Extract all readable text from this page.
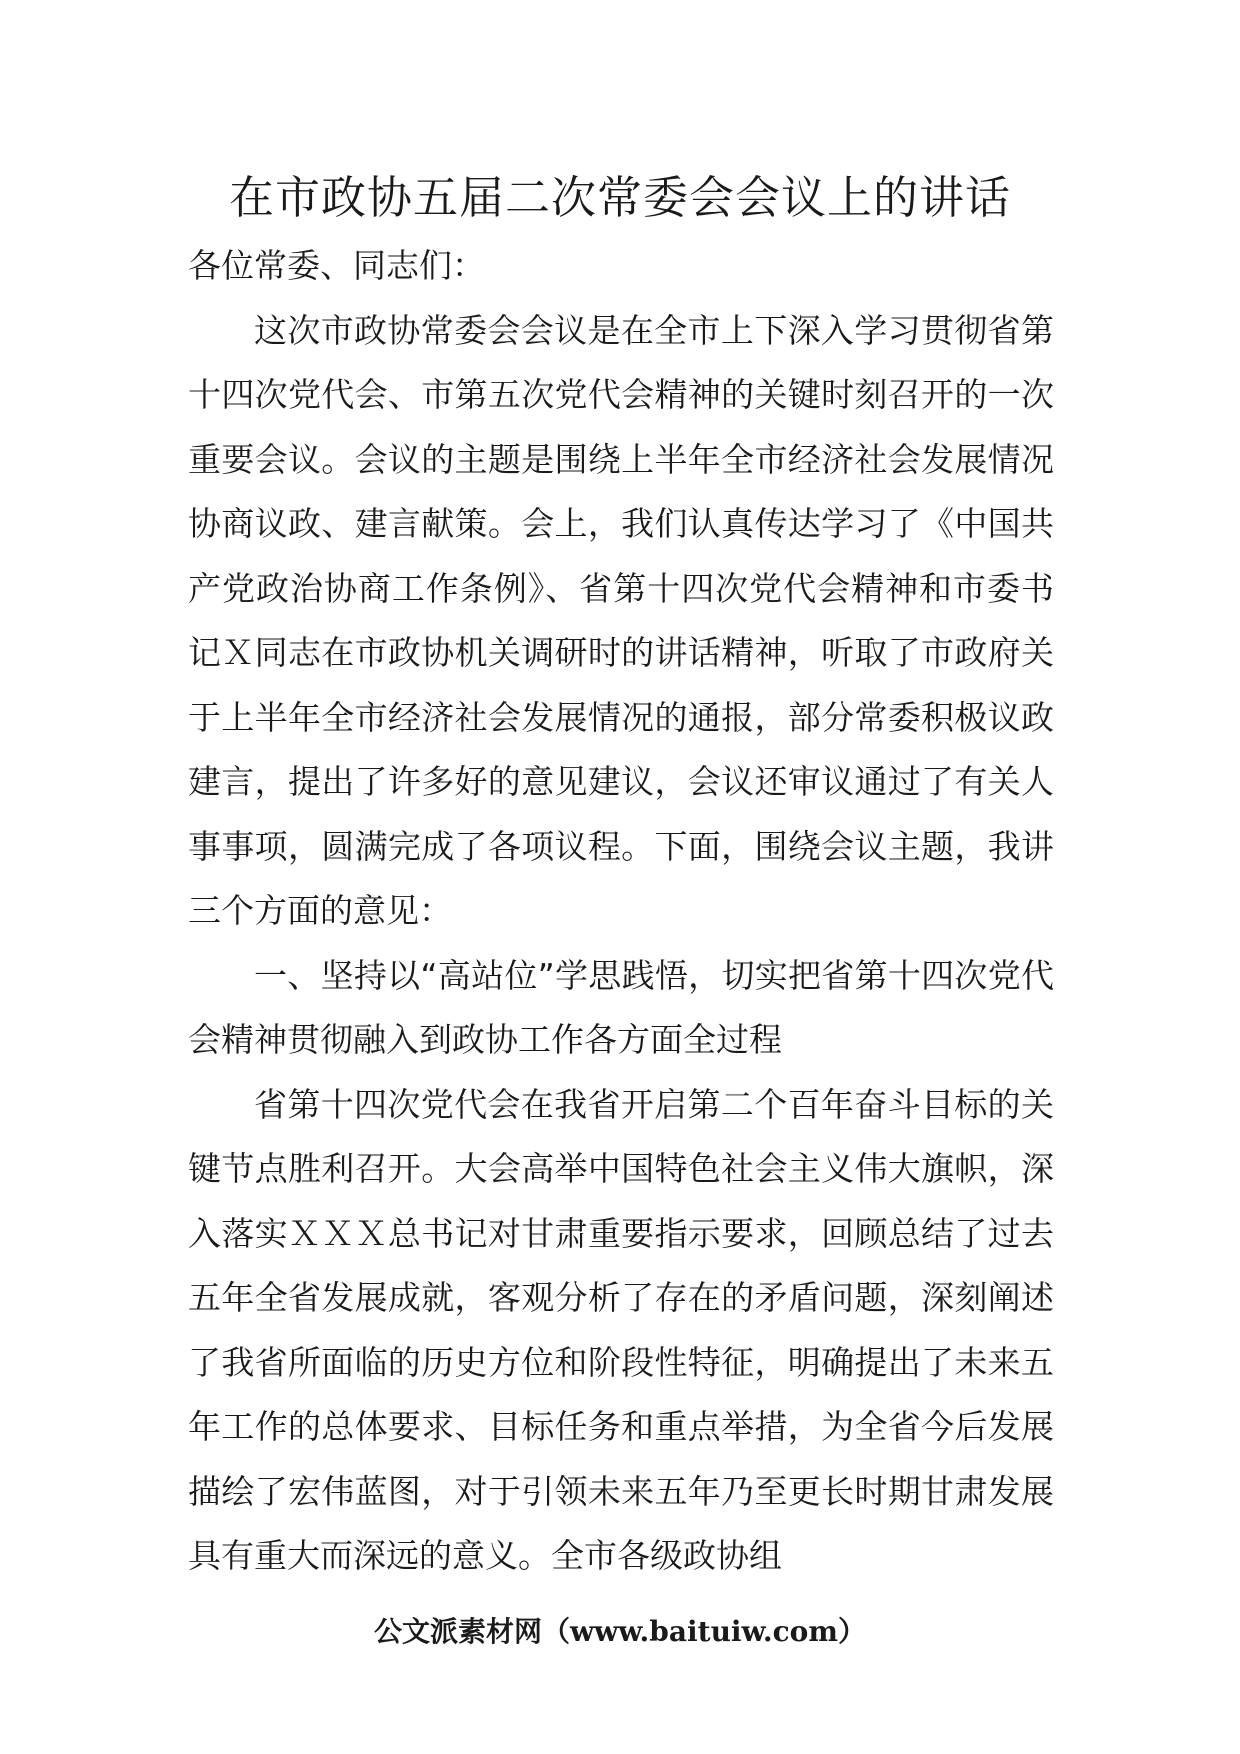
在市政协五届二次常委会会议上的讲话

各位常委、同志们：

这次市政协常委会会议是在全市上下深入学习贯彻省第十四次党代会、市第五次党代会精神的关键时刻召开的一次重要会议。会议的主题是围绕上半年全市经济社会发展情况协商议政、建言献策。会上，我们认真传达学习了《中国共产党政治协商工作条例》、省第十四次党代会精神和市委书记Ｘ同志在市政协机关调研时的讲话精神，听取了市政府关于上半年全市经济社会发展情况的通报，部分常委积极议政建言，提出了许多好的意见建议，会议还审议通过了有关人事事项，圆满完成了各项议程。下面，围绕会议主题，我讲三个方面的意见：

一、坚持以“高站位”学思践悟，切实把省第十四次党代会精神贯彻融入到政协工作各方面全过程

省第十四次党代会在我省开启第二个百年奋斗目标的关键节点胜利召开。大会高举中国特色社会主义伟大旗帜，深入落实ＸＸＸ总书记对甘肃重要指示要求，回顾总结了过去五年全省发展成就，客观分析了存在的矛盾问题，深刻阐述了我省所面临的历史方位和阶段性特征，明确提出了未来五年工作的总体要求、目标任务和重点举措，为全省今后发展描绘了宏伟蓝图，对于引领未来五年乃至更长时期甘肃发展具有重大而深远的意义。全市各级政协组

公文派素材网（www.baituiw.com）
